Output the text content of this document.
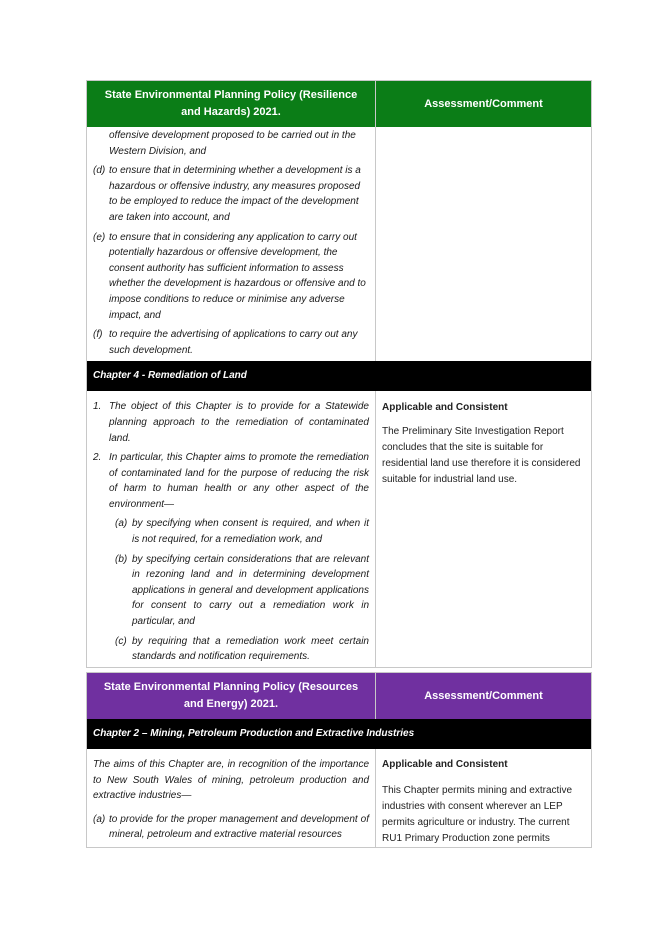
State Environmental Planning Policy (Resilience and Hazards) 2021.
Assessment/Comment
offensive development proposed to be carried out in the Western Division, and
(d) to ensure that in determining whether a development is a hazardous or offensive industry, any measures proposed to be employed to reduce the impact of the development are taken into account, and
(e) to ensure that in considering any application to carry out potentially hazardous or offensive development, the consent authority has sufficient information to assess whether the development is hazardous or offensive and to impose conditions to reduce or minimise any adverse impact, and
(f) to require the advertising of applications to carry out any such development.
Chapter 4 - Remediation of Land
1. The object of this Chapter is to provide for a Statewide planning approach to the remediation of contaminated land.
2. In particular, this Chapter aims to promote the remediation of contaminated land for the purpose of reducing the risk of harm to human health or any other aspect of the environment—
(a) by specifying when consent is required, and when it is not required, for a remediation work, and
(b) by specifying certain considerations that are relevant in rezoning land and in determining development applications in general and development applications for consent to carry out a remediation work in particular, and
(c) by requiring that a remediation work meet certain standards and notification requirements.
Applicable and Consistent
The Preliminary Site Investigation Report concludes that the site is suitable for residential land use therefore it is considered suitable for industrial land use.
State Environmental Planning Policy (Resources and Energy) 2021.
Assessment/Comment
Chapter 2 – Mining, Petroleum Production and Extractive Industries
The aims of this Chapter are, in recognition of the importance to New South Wales of mining, petroleum production and extractive industries—
(a) to provide for the proper management and development of mineral, petroleum and extractive material resources
Applicable and Consistent
This Chapter permits mining and extractive industries with consent wherever an LEP permits agriculture or industry. The current RU1 Primary Production zone permits
